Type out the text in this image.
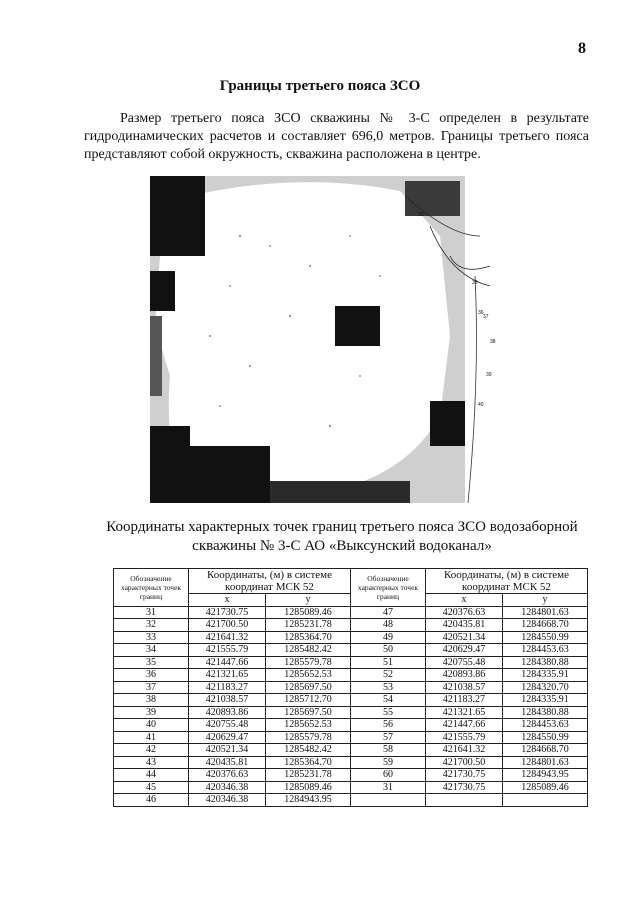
8
Границы третьего пояса ЗСО

Размер третьего пояса ЗСО скважины № 3-С определен в результате гидродинамических расчетов и составляет 696,0 метров. Границы третьего пояса представляют собой окружность, скважина расположена в центре.

33
35
36
37
38
39
40
Координаты характерных точек границ третьего пояса ЗСО водозаборной
скважины № 3-С АО «Выксунский водоканал»
Обозначение характерных точек границ	Координаты, (м) в системе координат МСК 52		Обозначение характерных точек границ	Координаты, (м) в системе координат МСК 52	
	x	y		x	y
31	421730.75	1285089.46	47	420376.63	1284801.63
32	421700.50	1285231.78	48	420435.81	1284668.70
33	421641.32	1285364.70	49	420521.34	1284550.99
34	421555.79	1285482.42	50	420629.47	1284453.63
35	421447.66	1285579.78	51	420755.48	1284380.88
36	421321.65	1285652.53	52	420893.86	1284335.91
37	421183.27	1285697.50	53	421038.57	1284320.70
38	421038.57	1285712.70	54	421183.27	1284335.91
39	420893.86	1285697.50	55	421321.65	1284380.88
40	420755.48	1285652.53	56	421447.66	1284453.63
41	420629.47	1285579.78	57	421555.79	1284550.99
42	420521.34	1285482.42	58	421641.32	1284668.70
43	420435.81	1285364.70	59	421700.50	1284801.63
44	420376.63	1285231.78	60	421730.75	1284943.95
45	420346.38	1285089.46	31	421730.75	1285089.46
46	420346.38	1284943.95			
